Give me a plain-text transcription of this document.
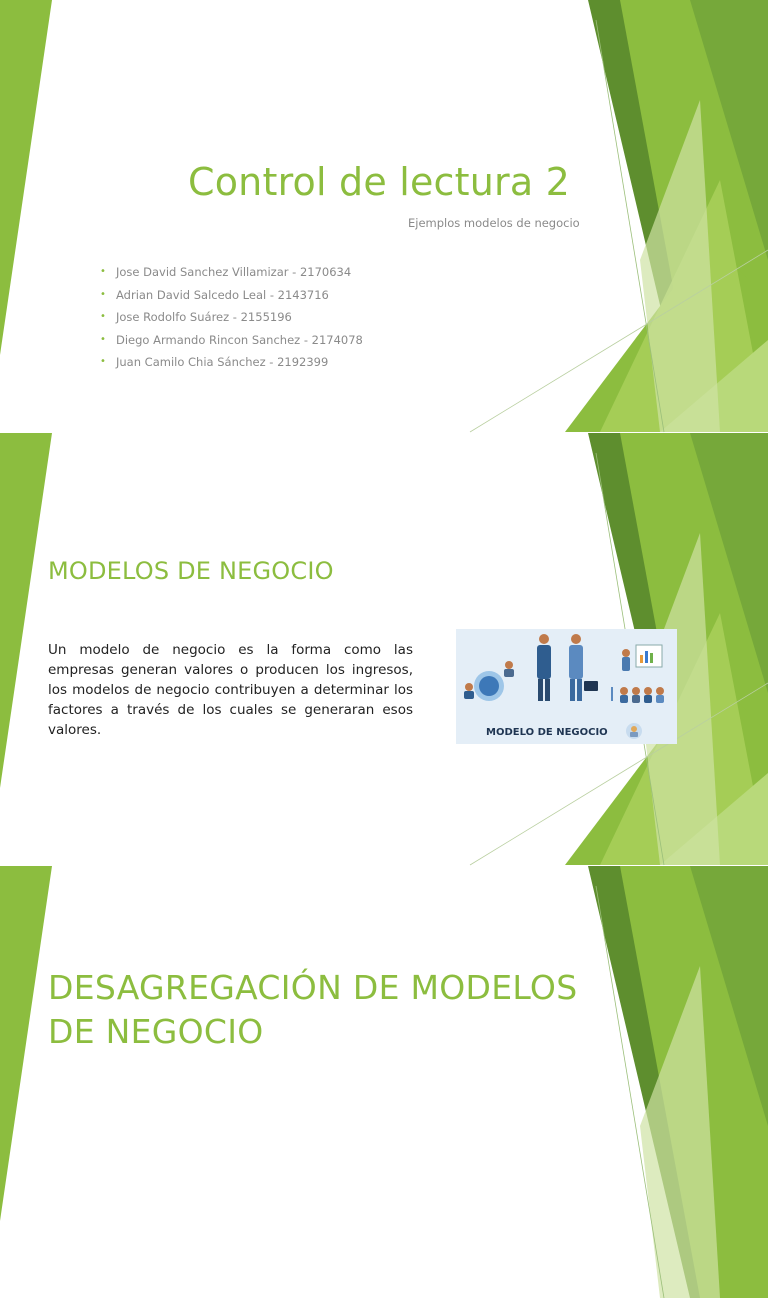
Control de lectura 2
Ejemplos modelos de negocio
• Jose David Sanchez Villamizar - 2170634
• Adrian David Salcedo Leal - 2143716
• Jose Rodolfo Suárez - 2155196
• Diego Armando Rincon Sanchez - 2174078
• Juan Camilo Chia Sánchez - 2192399
MODELOS DE NEGOCIO
Un modelo de negocio es la forma como las empresas generan valores o producen los ingresos, los modelos de negocio contribuyen a determinar los factores a través de los cuales se generaran esos valores.	MODELO DE NEGOCIO
DESAGREGACIÓN DE MODELOS DE NEGOCIO
